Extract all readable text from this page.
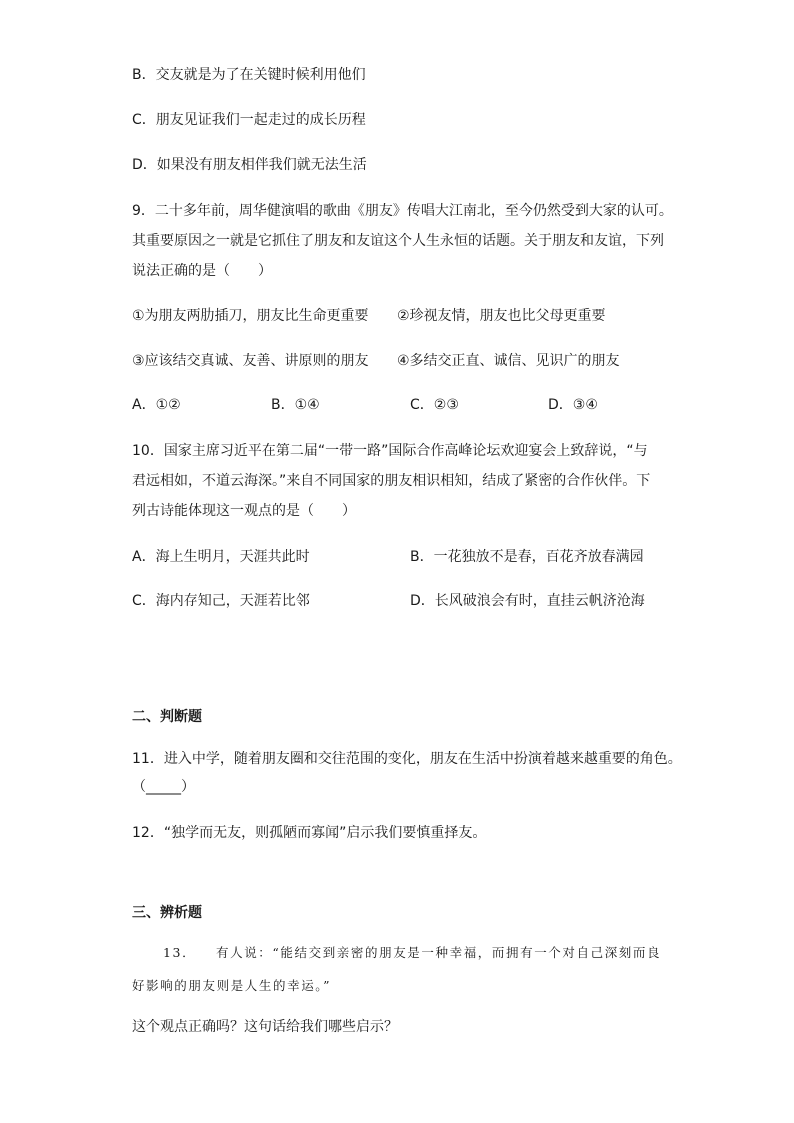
B．交友就是为了在关键时候利用他们
C．朋友见证我们一起走过的成长历程
D．如果没有朋友相伴我们就无法生活
9．二十多年前，周华健演唱的歌曲《朋友》传唱大江南北，至今仍然受到大家的认可。
其重要原因之一就是它抓住了朋友和友谊这个人生永恒的话题。关于朋友和友谊，下列
说法正确的是（　　）
①为朋友两肋插刀，朋友比生命更重要 ②珍视友情，朋友也比父母更重要
③应该结交真诚、友善、讲原则的朋友 ④多结交正直、诚信、见识广的朋友
A．①②	B．①④	C．②③	D．③④
10．国家主席习近平在第二届“一带一路”国际合作高峰论坛欢迎宴会上致辞说，“与
君远相如，不道云海深。”来自不同国家的朋友相识相知，结成了紧密的合作伙伴。下
列古诗能体现这一观点的是（　　）
A．海上生明月，天涯共此时	B．一花独放不是春，百花齐放春满园
C．海内存知己，天涯若比邻	D．长风破浪会有时，直挂云帆济沧海
二、判断题
11．进入中学，随着朋友圈和交往范围的变化，朋友在生活中扮演着越来越重要的角色。
（_____）
12．“独学而无友，则孤陋而寡闻”启示我们要慎重择友。
三、辨析题
13． 有人说：“能结交到亲密的朋友是一种幸福，而拥有一个对自己深刻而良
好影响的朋友则是人生的幸运。”
这个观点正确吗？这句话给我们哪些启示？
